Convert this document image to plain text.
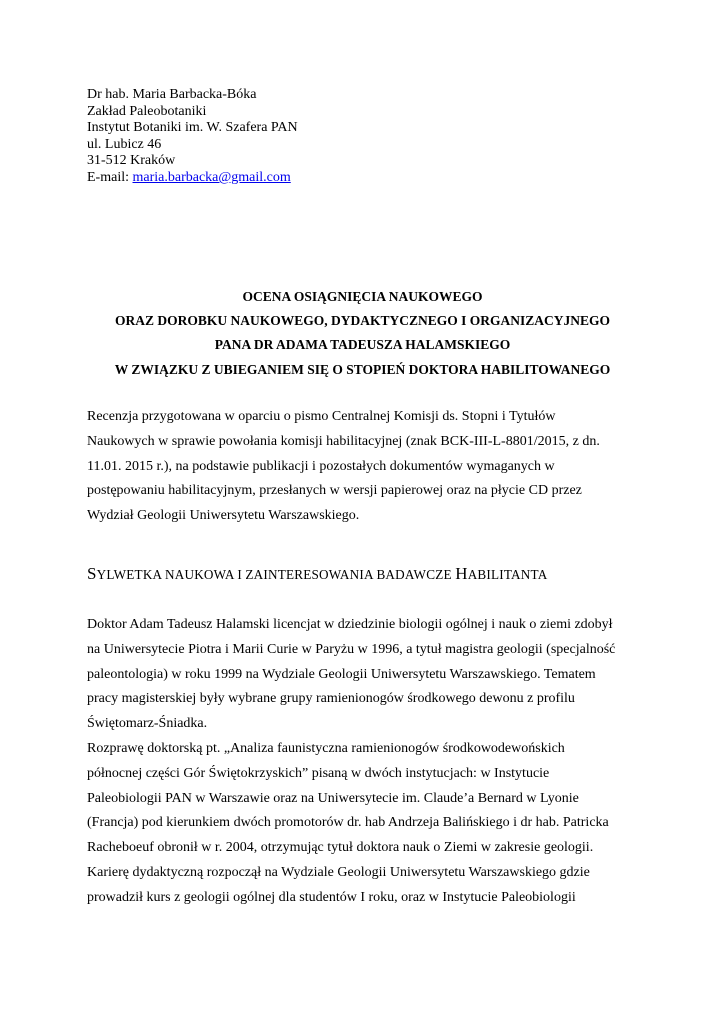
Dr hab. Maria Barbacka-Bóka
Zakład Paleobotaniki
Instytut Botaniki im. W. Szafera PAN
ul. Lubicz 46
31-512 Kraków
E-mail: maria.barbacka@gmail.com
OCENA OSIĄGNIĘCIA NAUKOWEGO
ORAZ DOROBKU NAUKOWEGO, DYDAKTYCZNEGO I ORGANIZACYJNEGO
PANA DR ADAMA TADEUSZA HALAMSKIEGO
W ZWIĄZKU Z UBIEGANIEM SIĘ O STOPIEŃ DOKTORA HABILITOWANEGO
Recenzja przygotowana w oparciu o pismo Centralnej Komisji ds. Stopni i Tytułów
Naukowych w sprawie powołania komisji habilitacyjnej (znak BCK-III-L-8801/2015, z dn.
11.01. 2015 r.), na podstawie publikacji i pozostałych dokumentów wymaganych w
postępowaniu habilitacyjnym, przesłanych w wersji papierowej oraz na płycie CD przez
Wydział Geologii Uniwersytetu Warszawskiego.
SYLWETKA NAUKOWA I ZAINTERESOWANIA BADAWCZE HABILITANTA
Doktor Adam Tadeusz Halamski licencjat w dziedzinie biologii ogólnej i nauk o ziemi zdobył
na Uniwersytecie Piotra i Marii Curie w Paryżu w 1996, a tytuł magistra geologii (specjalność
paleontologia) w roku 1999 na Wydziale Geologii Uniwersytetu Warszawskiego. Tematem
pracy magisterskiej były wybrane grupy ramienionogów środkowego dewonu z profilu
Świętomarz-Śniadka.
Rozprawę doktorską pt. „Analiza faunistyczna ramienionogów środkowodewońskich
północnej części Gór Świętokrzyskich” pisaną w dwóch instytucjach: w Instytucie
Paleobiologii PAN w Warszawie oraz na Uniwersytecie im. Claude’a Bernard w Lyonie
(Francja) pod kierunkiem dwóch promotorów dr. hab Andrzeja Balińskiego i dr hab. Patricka
Racheboeuf obronił w r. 2004, otrzymując tytuł doktora nauk o Ziemi w zakresie geologii.
Karierę dydaktyczną rozpoczął na Wydziale Geologii Uniwersytetu Warszawskiego gdzie
prowadził kurs z geologii ogólnej dla studentów I roku, oraz w Instytucie Paleobiologii
